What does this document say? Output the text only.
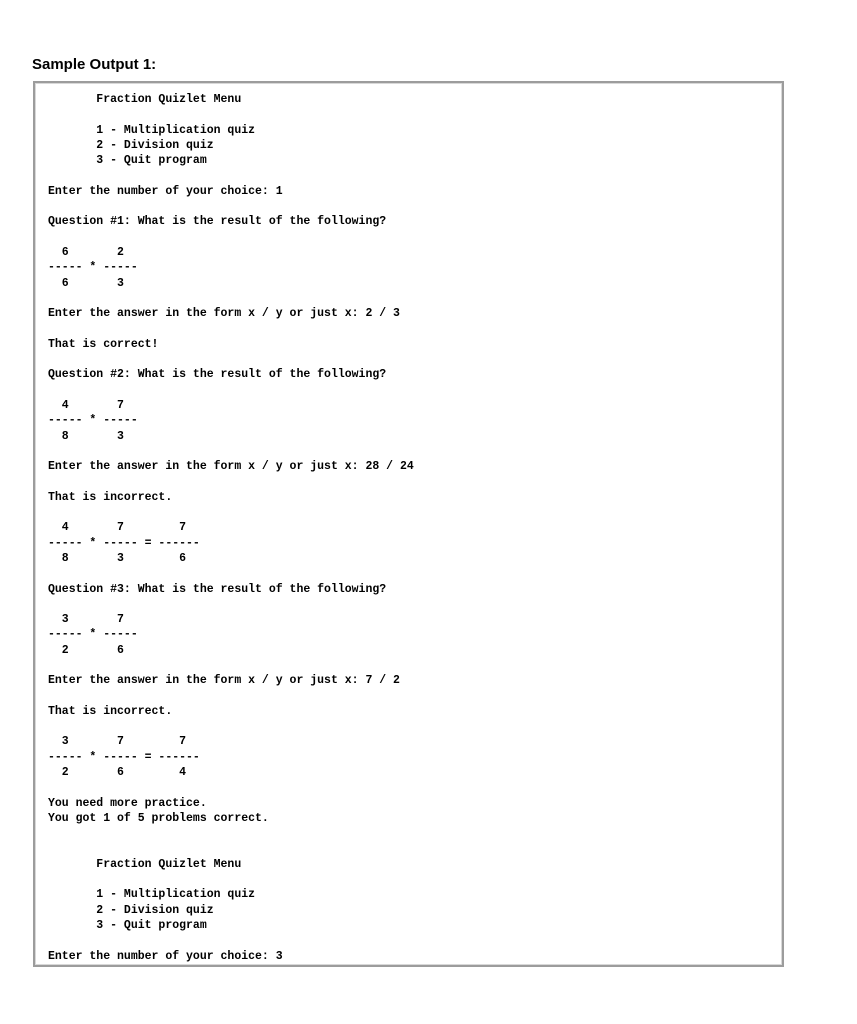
Sample Output 1:
Fraction Quizlet Menu

1 - Multiplication quiz
2 - Division quiz
3 - Quit program

Enter the number of your choice: 1

Question #1: What is the result of the following?

6       2
----- * -----
6       3

Enter the answer in the form x / y or just x: 2 / 3

That is correct!

Question #2: What is the result of the following?

4       7
----- * -----
8       3

Enter the answer in the form x / y or just x: 28 / 24

That is incorrect.

4       7        7
----- * ----- = ------
8       3        6

Question #3: What is the result of the following?

3       7
----- * -----
2       6

Enter the answer in the form x / y or just x: 7 / 2

That is incorrect.

3       7        7
----- * ----- = ------
2       6        4

You need more practice.
You got 1 of 5 problems correct.

Fraction Quizlet Menu

1 - Multiplication quiz
2 - Division quiz
3 - Quit program

Enter the number of your choice: 3
